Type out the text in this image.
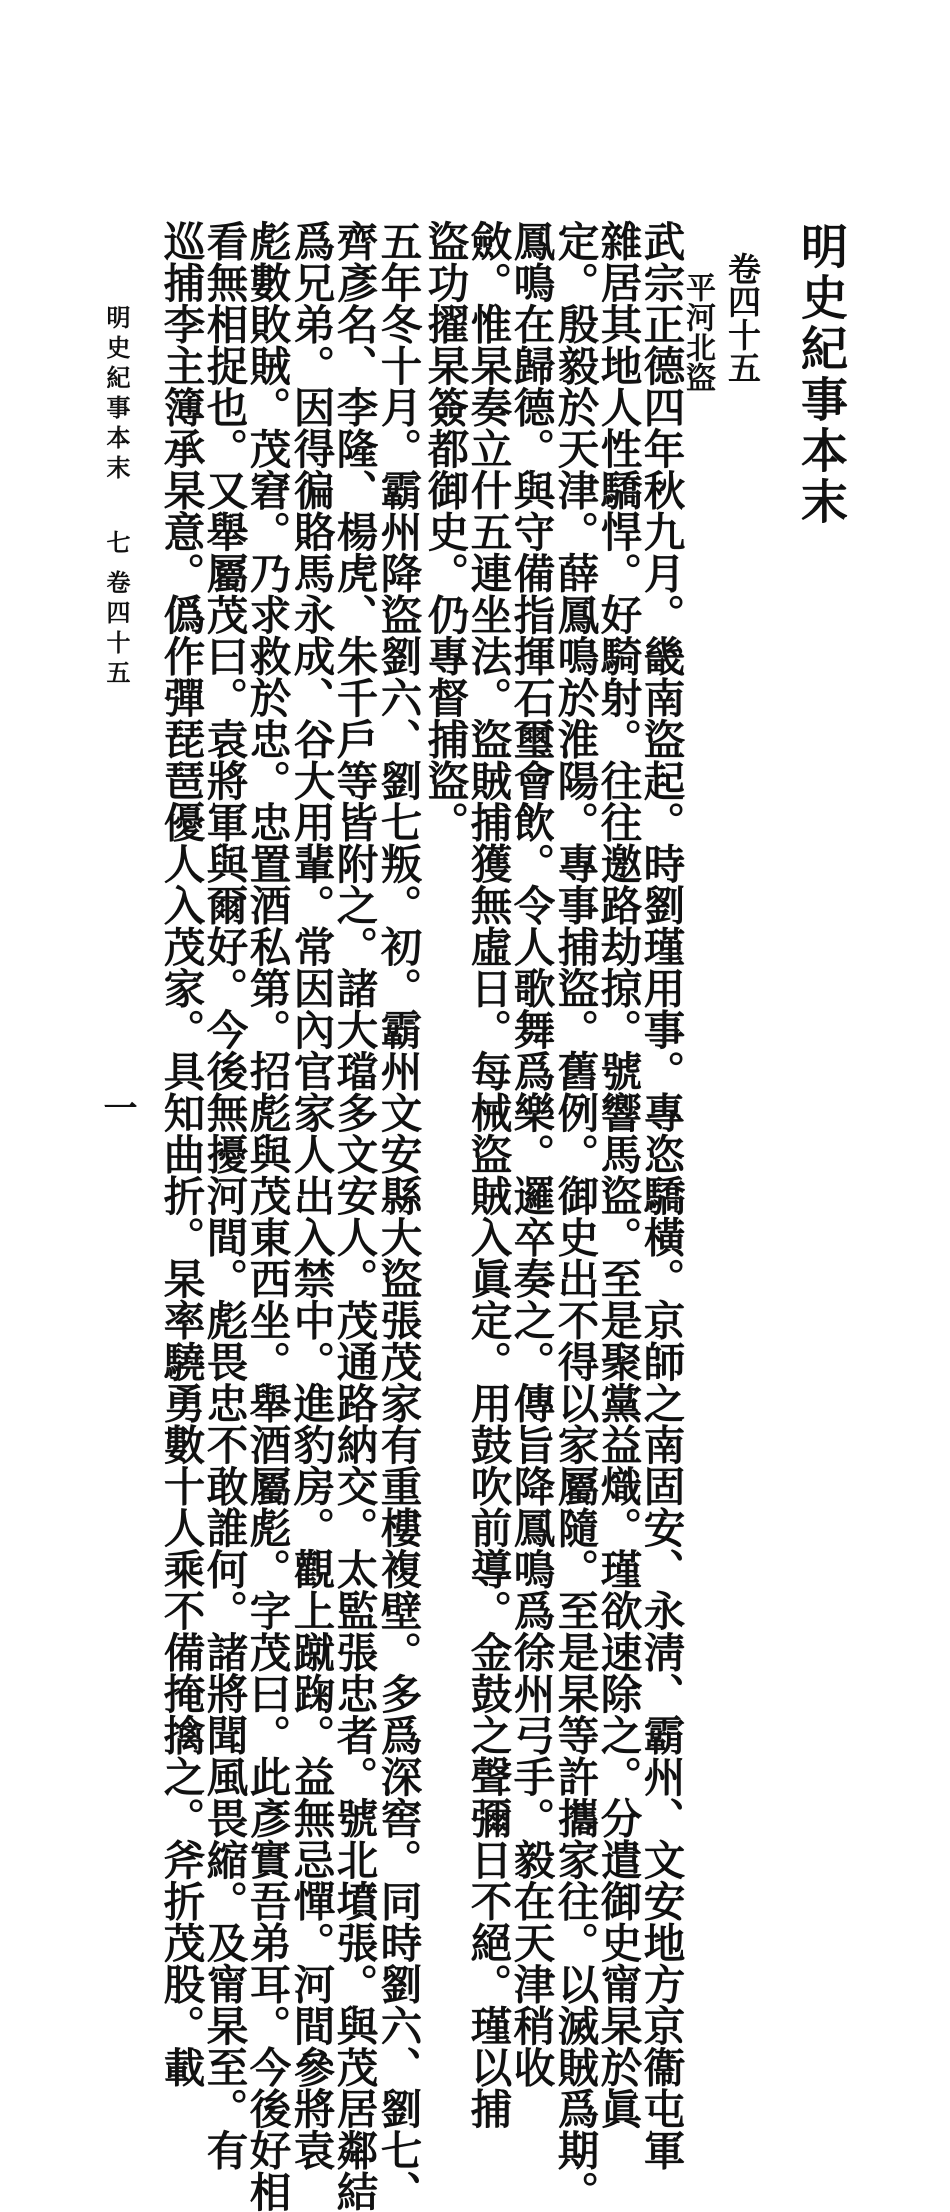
明史紀事本末
卷四十五
平河北盜
武宗正德四年秋九月。畿南盜起。時劉瑾用事。專恣驕橫。京師之南固安、永淸、霸州、文安地方京衞屯軍
雜居其地人性驕悍。好騎射。往往邀路劫掠。號響馬盜。至是聚黨益熾。瑾欲速除之。分遣御史甯杲於眞
定。殷毅於天津。薛鳳鳴於淮陽。專事捕盜。舊例。御史出不得以家屬隨。至是杲等許攜家往。以滅賊爲期。
鳳鳴在歸德。與守備指揮石璽會飲。令人歌舞爲樂。邏卒奏之。傳旨降鳳鳴爲徐州弓手。毅在天津稍收
斂。惟杲奏立什五連坐法。盜賊捕獲無虛日。每械盜賊入眞定。用鼓吹前導。金鼓之聲彌日不絕。瑾以捕
盜功擢杲簽都御史。仍專督捕盜。
五年冬十月。霸州降盜劉六、劉七叛。初。霸州文安縣大盜張茂家有重樓複壁。多爲深窖。同時劉六、劉七、
齊彥名、李隆、楊虎、朱千戶等皆附之。諸大璫多文安人。茂通路納交。太監張忠者。號北墳張。與茂居鄰結
爲兄弟。因得徧賂馬永成、谷大用輩。常因內官家人出入禁中。進豹房。觀上蹴踘。益無忌憚。河間參將袁
彪數敗賊。茂窘。乃求救於忠。忠置酒私第。招彪與茂東西坐。舉酒屬彪。字茂曰。此彥實吾弟耳。今後好相
看無相捉也。又舉屬茂曰。袁將軍與爾好。今後無擾河間。彪畏忠不敢誰何。諸將聞風畏縮。及甯杲至。有
巡捕李主簿承杲意。僞作彈琵琶優人入茂家。具知曲折。杲率驍勇數十人乘不備掩擒之。斧折茂股。載
明史紀事本末
七
卷四十五
一
